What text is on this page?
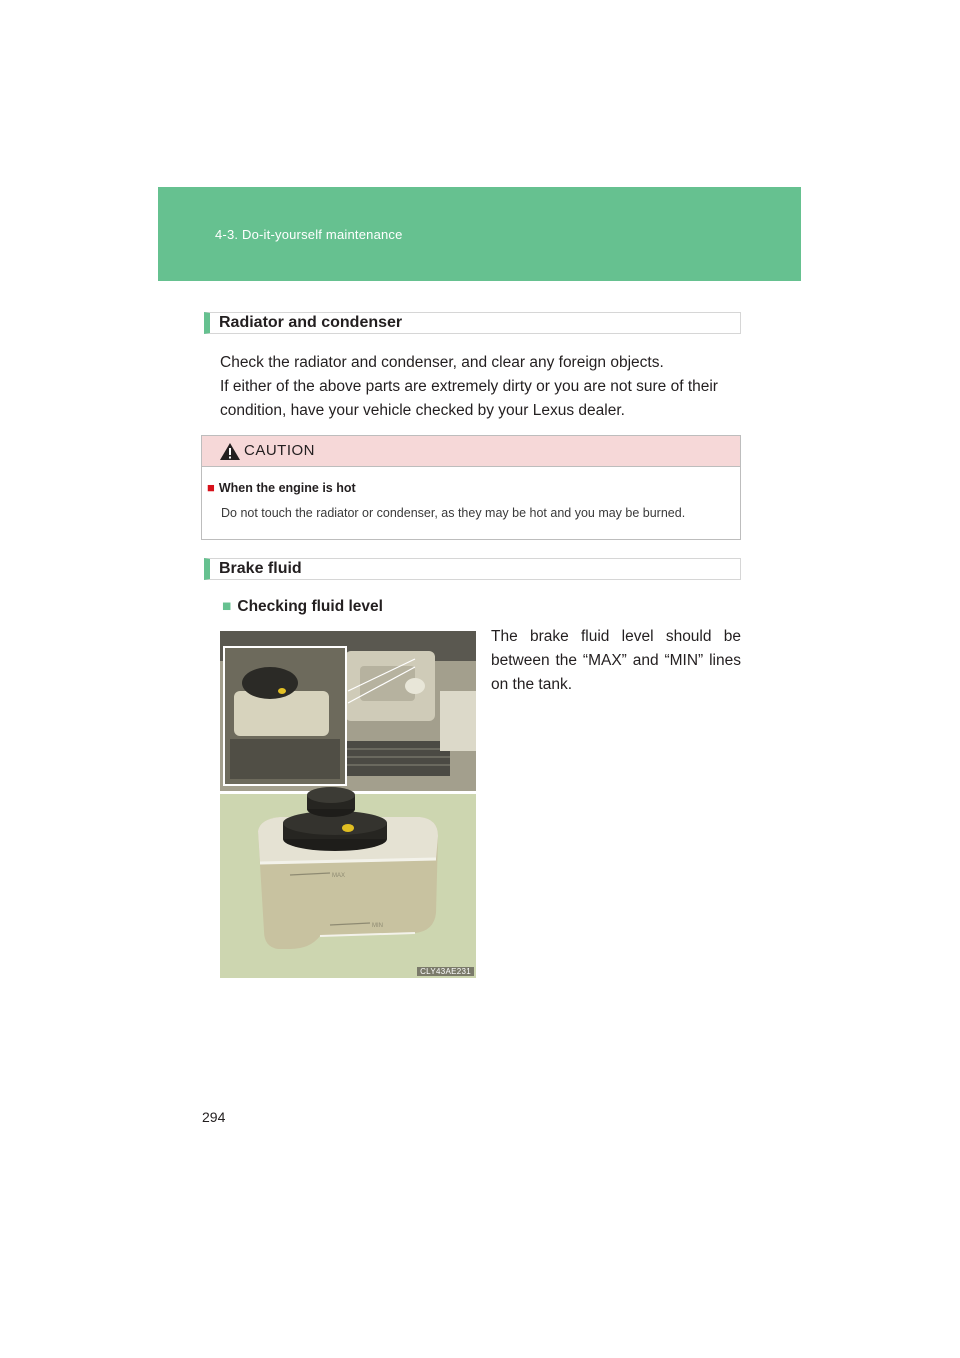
4-3. Do-it-yourself maintenance
Radiator and condenser

Check the radiator and condenser, and clear any foreign objects.

If either of the above parts are extremely dirty or you are not sure of their

condition, have your vehicle checked by your Lexus dealer.

CAUTION
■ When the engine is hot
Do not touch the radiator or condenser, as they may be hot and you may be burned.
Brake fluid
■ Checking fluid level
MAX
MIN
CLY43AE231
The brake fluid level should be between the “MAX” and “MIN” lines on the tank.
294
